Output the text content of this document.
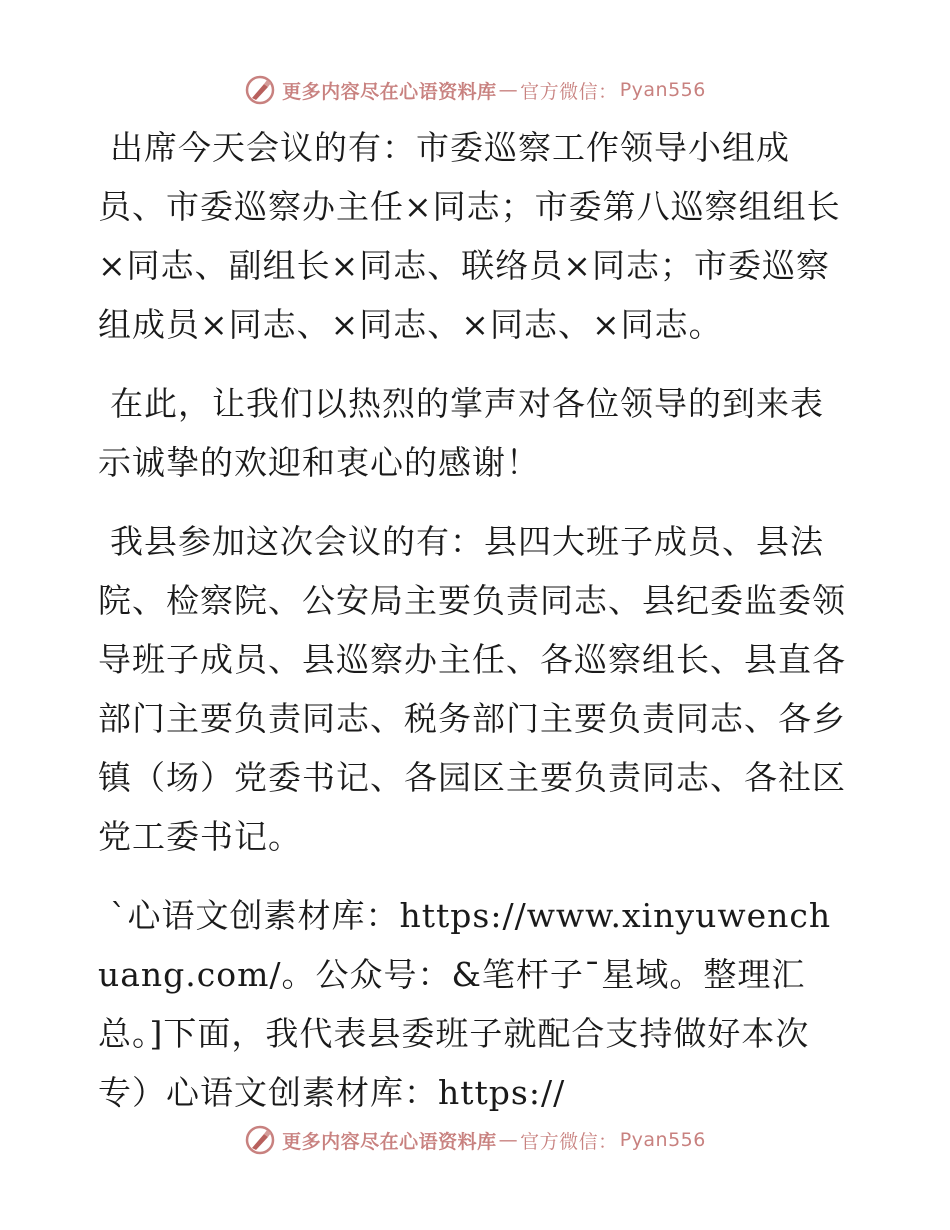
更多内容尽在心语资料库 — 官方微信： Pyan556

出席今天会议的有：市委巡察工作领导小组成员、市委巡察办主任×同志；市委第八巡察组组长×同志、副组长×同志、联络员×同志；市委巡察组成员×同志、×同志、×同志、×同志。

在此，让我们以热烈的掌声对各位领导的到来表示诚挚的欢迎和衷心的感谢！

我县参加这次会议的有：县四大班子成员、县法院、检察院、公安局主要负责同志、县纪委监委领导班子成员、县巡察办主任、各巡察组长、县直各部门主要负责同志、税务部门主要负责同志、各乡镇（场）党委书记、各园区主要负责同志、各社区党工委书记。

`心语文创素材库：https://www.xinyuwenchuang.com/。公众号：&笔杆子¯星域。整理汇总。]下面，我代表县委班子就配合支持做好本次专）心语文创素材库：https://

更多内容尽在心语资料库 — 官方微信： Pyan556
